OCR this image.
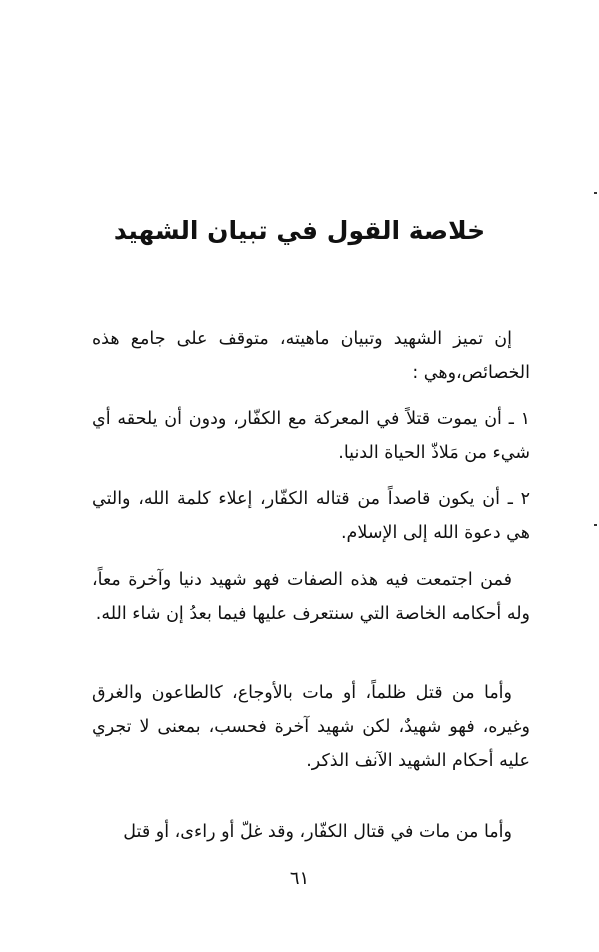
خلاصة القول في تبيان الشهيد

إن تميز الشهيد وتبيان ماهيته، متوقف على جامع هذه الخصائص،وهي :

١ ـ أن يموت قتلاً في المعركة مع الكفّار، ودون أن يلحقه أي شيء من مَلاذّ الحياة الدنيا.

٢ ـ أن يكون قاصداً من قتاله الكفّار، إعلاء كلمة الله، والتي هي دعوة الله إلى الإسلام.

فمن اجتمعت فيه هذه الصفات فهو شهيد دنيا وآخرة معاً، وله أحكامه الخاصة التي سنتعرف عليها فيما بعدُ إن شاء الله.

وأما من قتل ظلماً، أو مات بالأوجاع، كالطاعون والغرق وغيره، فهو شهيدٌ، لكن شهيد آخرة فحسب، بمعنى لا تجري عليه أحكام الشهيد الآنف الذكر.

وأما من مات في قتال الكفّار، وقد غلّ أو راءى، أو قتل

٦١
